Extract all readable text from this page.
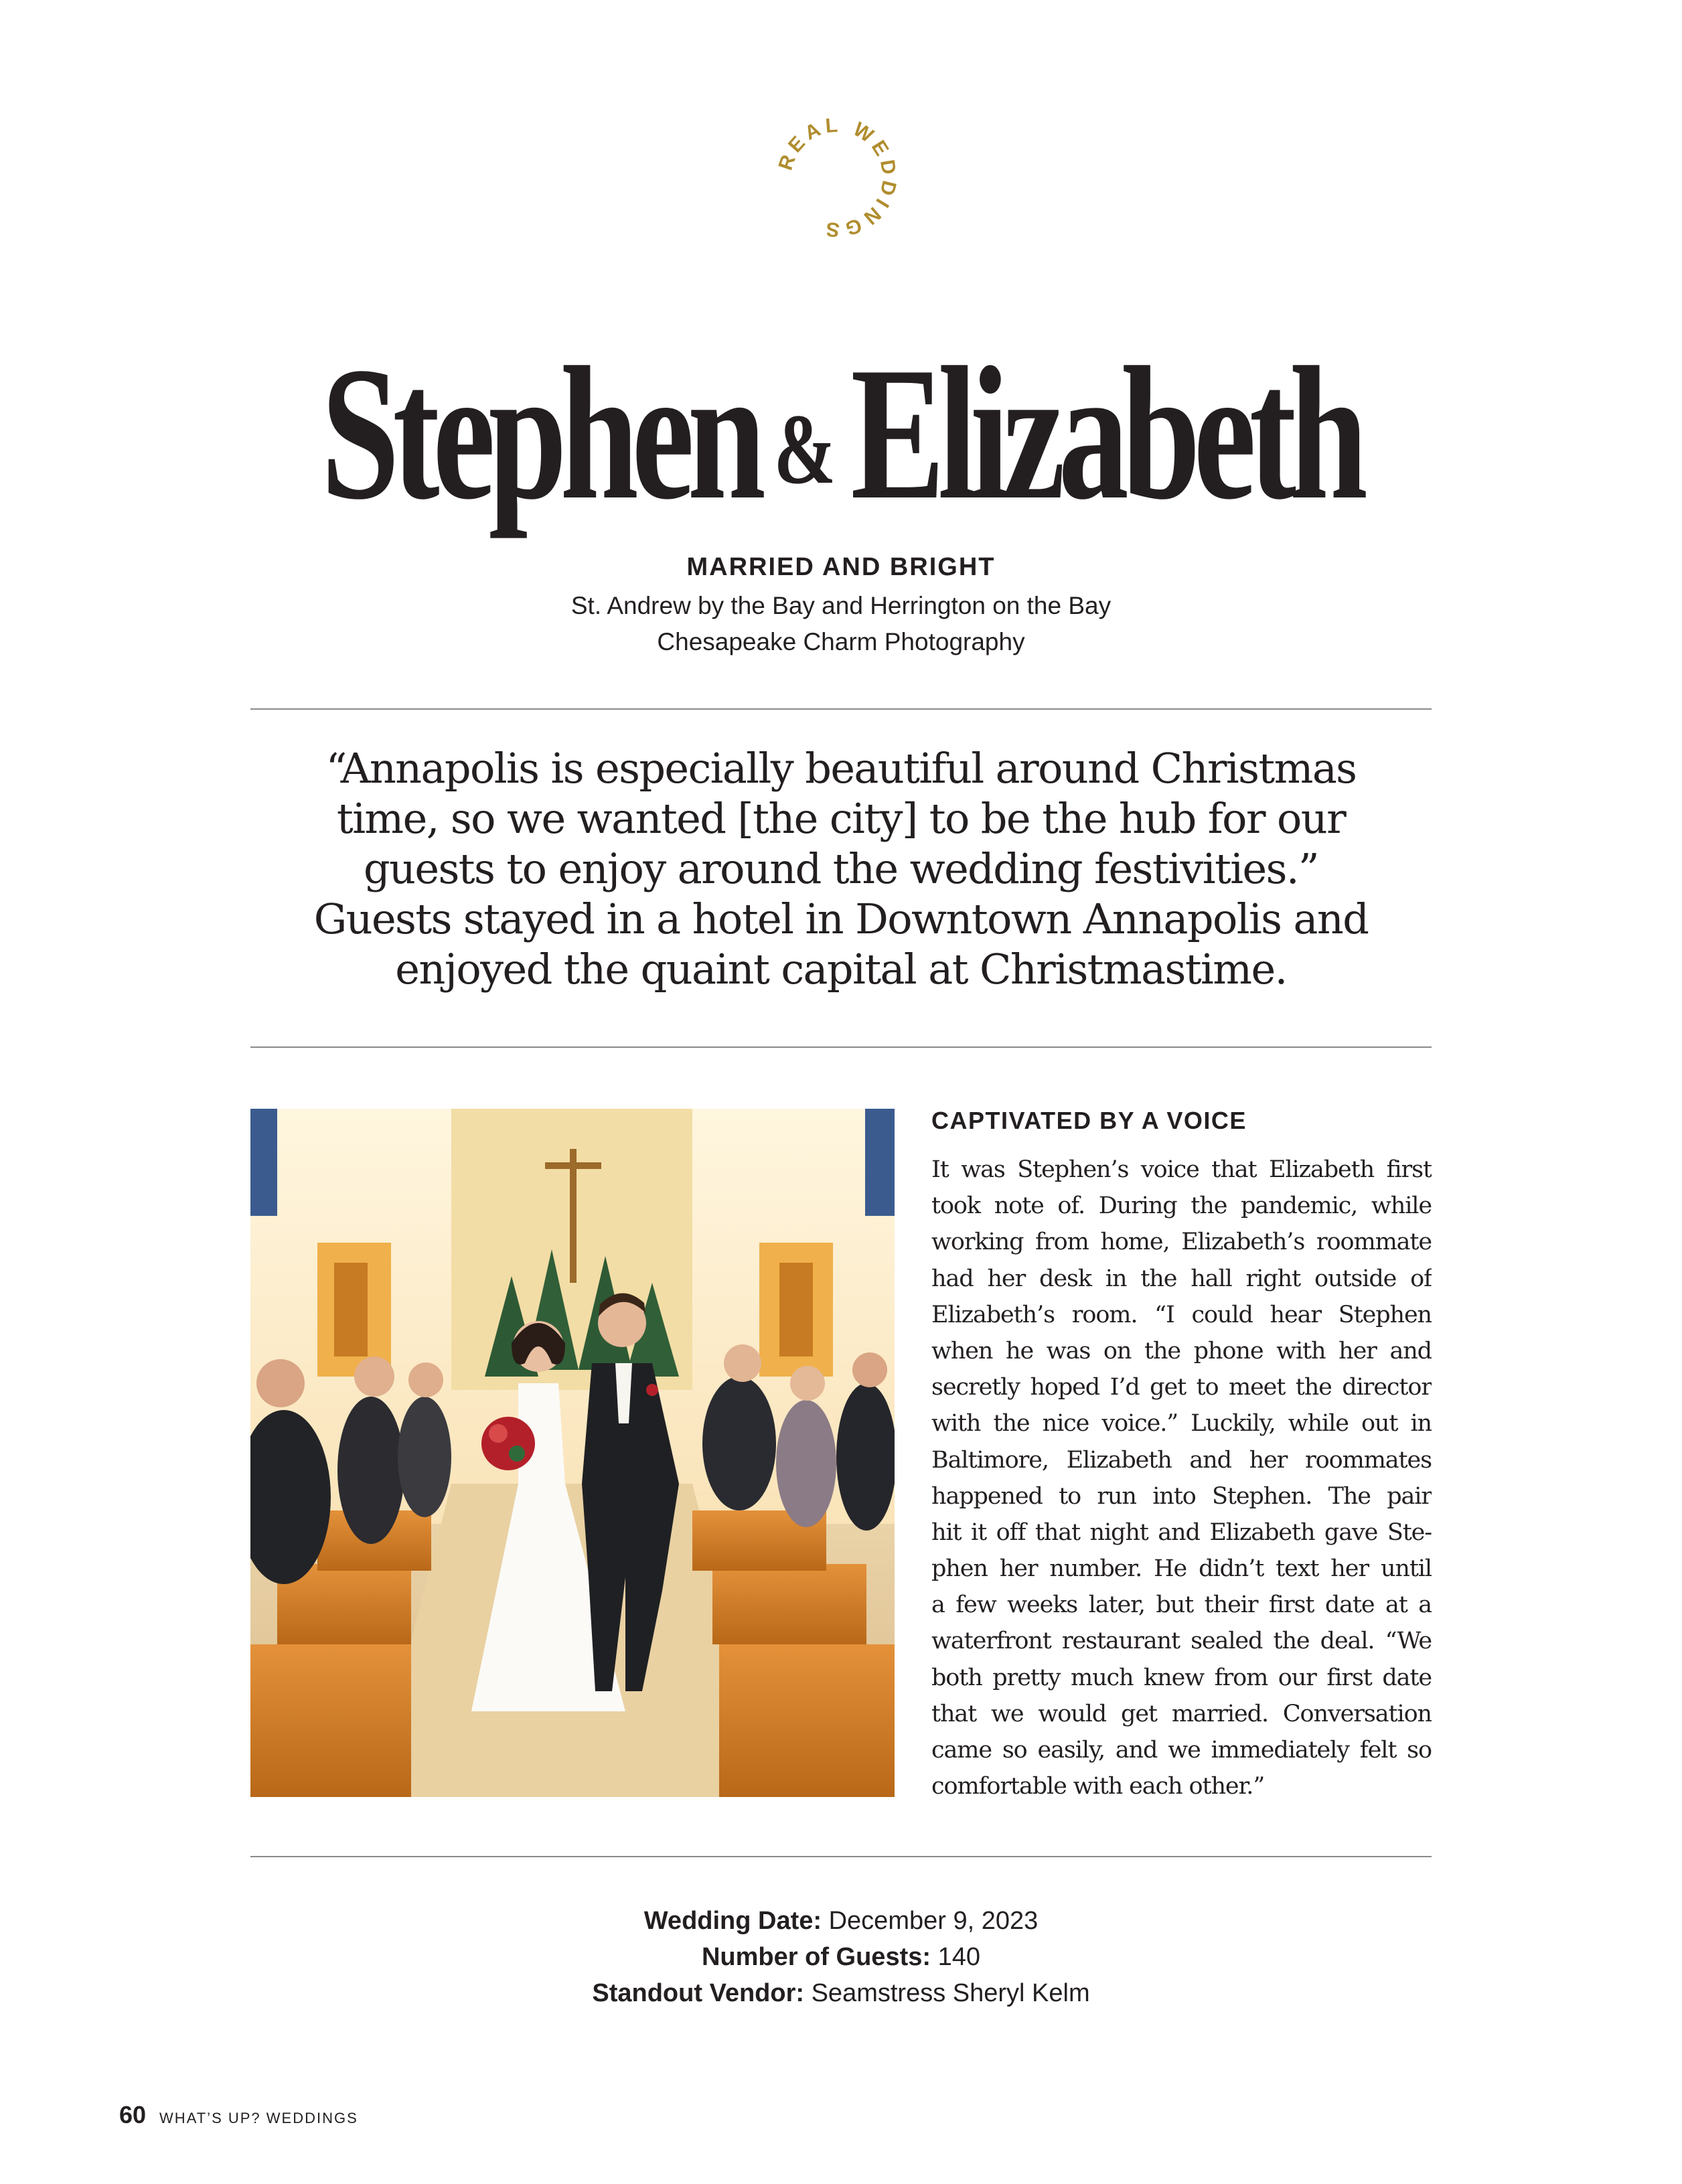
REAL WEDDINGS
Stephen &Elizabeth
MARRIED AND BRIGHT
St. Andrew by the Bay and Herrington on the Bay
Chesapeake Charm Photography
“Annapolis is especially beautiful around Christmas
time, so we wanted [the city] to be the hub for our
guests to enjoy around the wedding festivities.”
Guests stayed in a hotel in Downtown Annapolis and
enjoyed the quaint capital at Christmastime.
CAPTIVATED BY A VOICE
It was Stephen’s voice that Elizabeth first
took note of. During the pandemic, while
working from home, Elizabeth’s roommate
had her desk in the hall right outside of
Elizabeth’s room. “I could hear Stephen
when he was on the phone with her and
secretly hoped I’d get to meet the director
with the nice voice.” Luckily, while out in
Baltimore, Elizabeth and her roommates
happened to run into Stephen. The pair
hit it off that night and Elizabeth gave Ste-
phen her number. He didn’t text her until
a few weeks later, but their first date at a
waterfront restaurant sealed the deal. “We
both pretty much knew from our first date
that we would get married. Conversation
came so easily, and we immediately felt so
comfortable with each other.”
Wedding Date: December 9, 2023
Number of Guests: 140
Standout Vendor: Seamstress Sheryl Kelm
60 WHAT’S UP? WEDDINGS
